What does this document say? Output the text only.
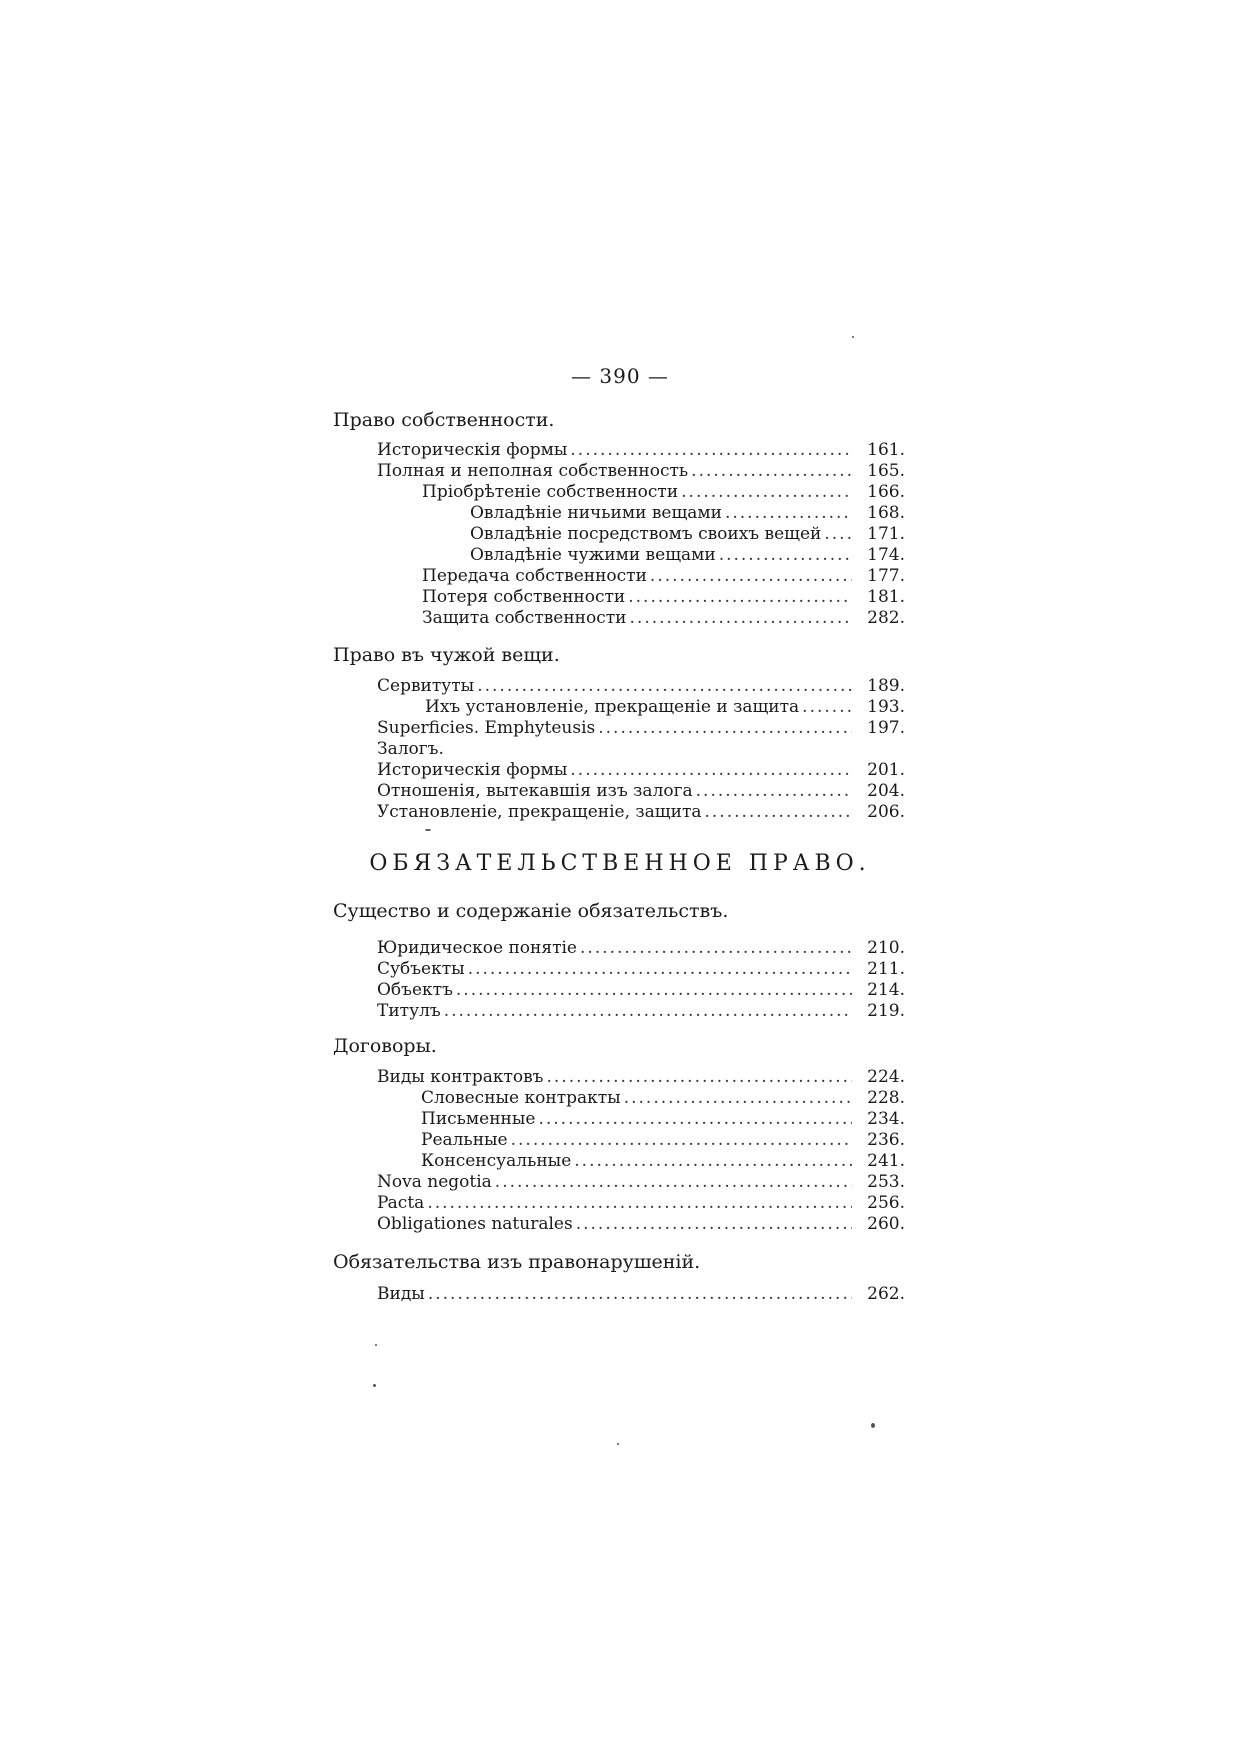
— 390 —
Право собственности.
Историческія формы .....	161.
Полная и неполная собственность .....	165.
Пріобрѣтеніе собственности .....	166.
Овладѣніе ничьими вещами .....	168.
Овладѣніе посредствомъ своихъ вещей .....	171.
Овладѣніе чужими вещами .....	174.
Передача собственности .....	177.
Потеря собственности .....	181.
Защита собственности .....	282.
Право въ чужой вещи.
Сервитуты .....	189.
Ихъ установленіе, прекращеніе и защита .....	193.
Superficies. Emphyteusis .....	197.
Залогъ.
Историческія формы .....	201.
Отношенія, вытекавшія изъ залога .....	204.
Установленіе, прекращеніе, защита .....	206.
ОБЯЗАТЕЛЬСТВЕННОЕ ПРАВО.
Существо и содержаніе обязательствъ.
Юридическое понятіе .....	210.
Субъекты .....	211.
Объектъ .....	214.
Титулъ .....	219.
Договоры.
Виды контрактовъ .....	224.
Словесные контракты .....	228.
Письменные .....	234.
Реальные .....	236.
Консенсуальные .....	241.
Nova negotia .....	253.
Pacta .....	256.
Obligationes naturales .....	260.
Обязательства изъ правонарушеній.
Виды .....	262.
